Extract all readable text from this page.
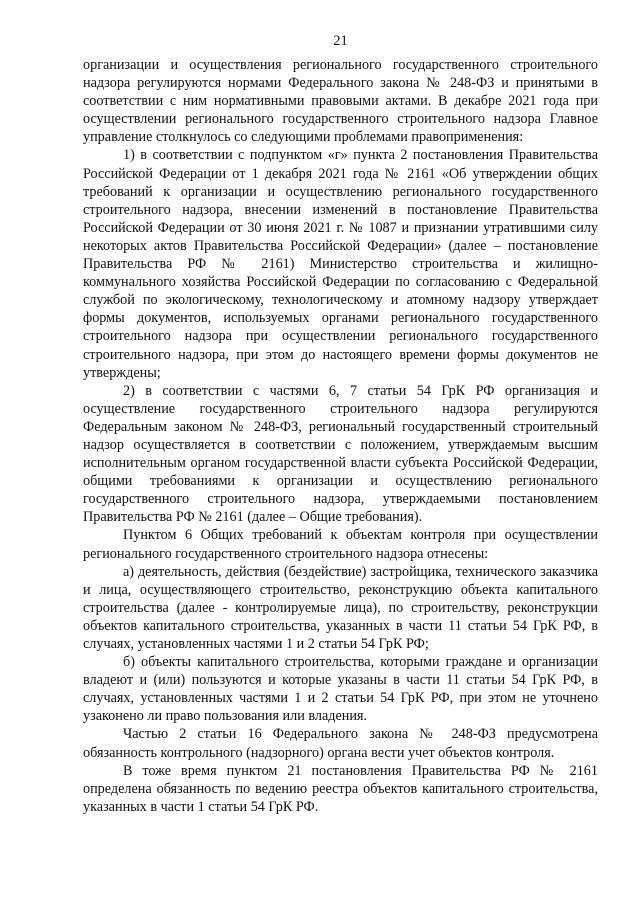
21

организации и осуществления регионального государственного строительного надзора регулируются нормами Федерального закона № 248-ФЗ и принятыми в соответствии с ним нормативными правовыми актами. В декабре 2021 года при осуществлении регионального государственного строительного надзора Главное управление столкнулось со следующими проблемами правоприменения:

1) в соответствии с подпунктом «г» пункта 2 постановления Правительства Российской Федерации от 1 декабря 2021 года № 2161 «Об утверждении общих требований к организации и осуществлению регионального государственного строительного надзора, внесении изменений в постановление Правительства Российской Федерации от 30 июня 2021 г. № 1087 и признании утратившими силу некоторых актов Правительства Российской Федерации» (далее – постановление Правительства РФ № 2161) Министерство строительства и жилищно-коммунального хозяйства Российской Федерации по согласованию с Федеральной службой по экологическому, технологическому и атомному надзору утверждает формы документов, используемых органами регионального государственного строительного надзора при осуществлении регионального государственного строительного надзора, при этом до настоящего времени формы документов не утверждены;

2) в соответствии с частями 6, 7 статьи 54 ГрК РФ организация и осуществление государственного строительного надзора регулируются Федеральным законом № 248-ФЗ, региональный государственный строительный надзор осуществляется в соответствии с положением, утверждаемым высшим исполнительным органом государственной власти субъекта Российской Федерации, общими требованиями к организации и осуществлению регионального государственного строительного надзора, утверждаемыми постановлением Правительства РФ № 2161 (далее – Общие требования).

Пунктом 6 Общих требований к объектам контроля при осуществлении регионального государственного строительного надзора отнесены:

а) деятельность, действия (бездействие) застройщика, технического заказчика и лица, осуществляющего строительство, реконструкцию объекта капитального строительства (далее - контролируемые лица), по строительству, реконструкции объектов капитального строительства, указанных в части 11 статьи 54 ГрК РФ, в случаях, установленных частями 1 и 2 статьи 54 ГрК РФ;

б) объекты капитального строительства, которыми граждане и организации владеют и (или) пользуются и которые указаны в части 11 статьи 54 ГрК РФ, в случаях, установленных частями 1 и 2 статьи 54 ГрК РФ, при этом не уточнено узаконено ли право пользования или владения.

Частью 2 статьи 16 Федерального закона № 248-ФЗ предусмотрена обязанность контрольного (надзорного) органа вести учет объектов контроля.

В тоже время пунктом 21 постановления Правительства РФ № 2161 определена обязанность по ведению реестра объектов капитального строительства, указанных в части 1 статьи 54 ГрК РФ.
